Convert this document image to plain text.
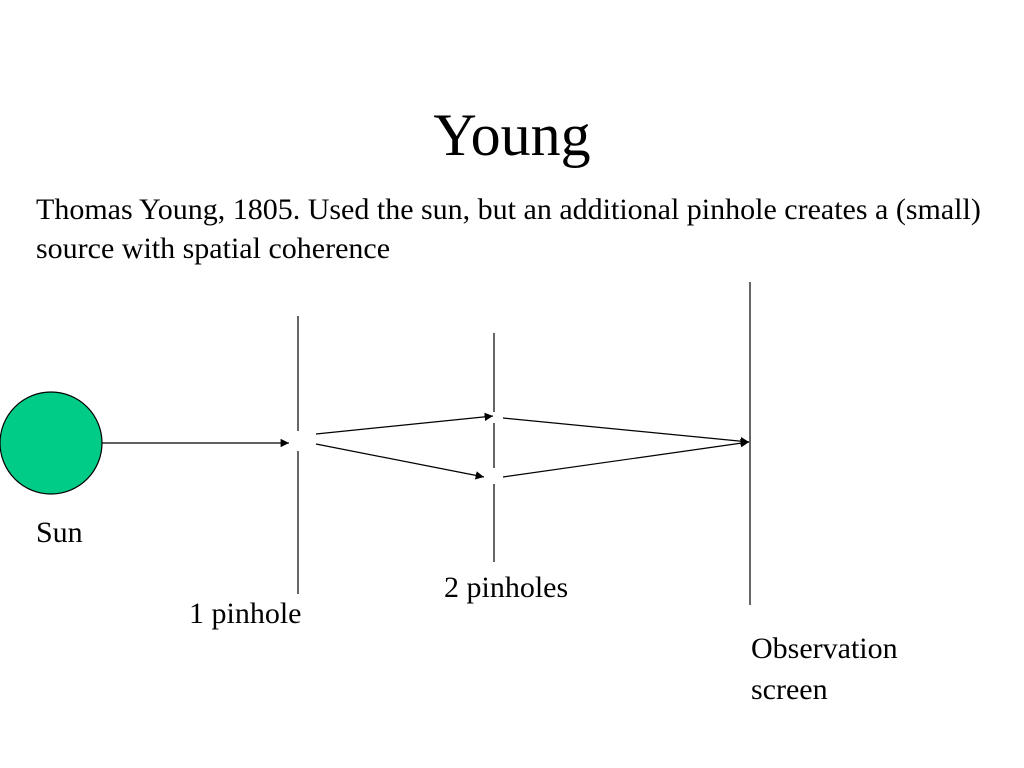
Young
Thomas Young, 1805. Used the sun, but an additional pinhole creates a (small) source with spatial coherence
Sun
1 pinhole
2 pinholes
Observation screen
